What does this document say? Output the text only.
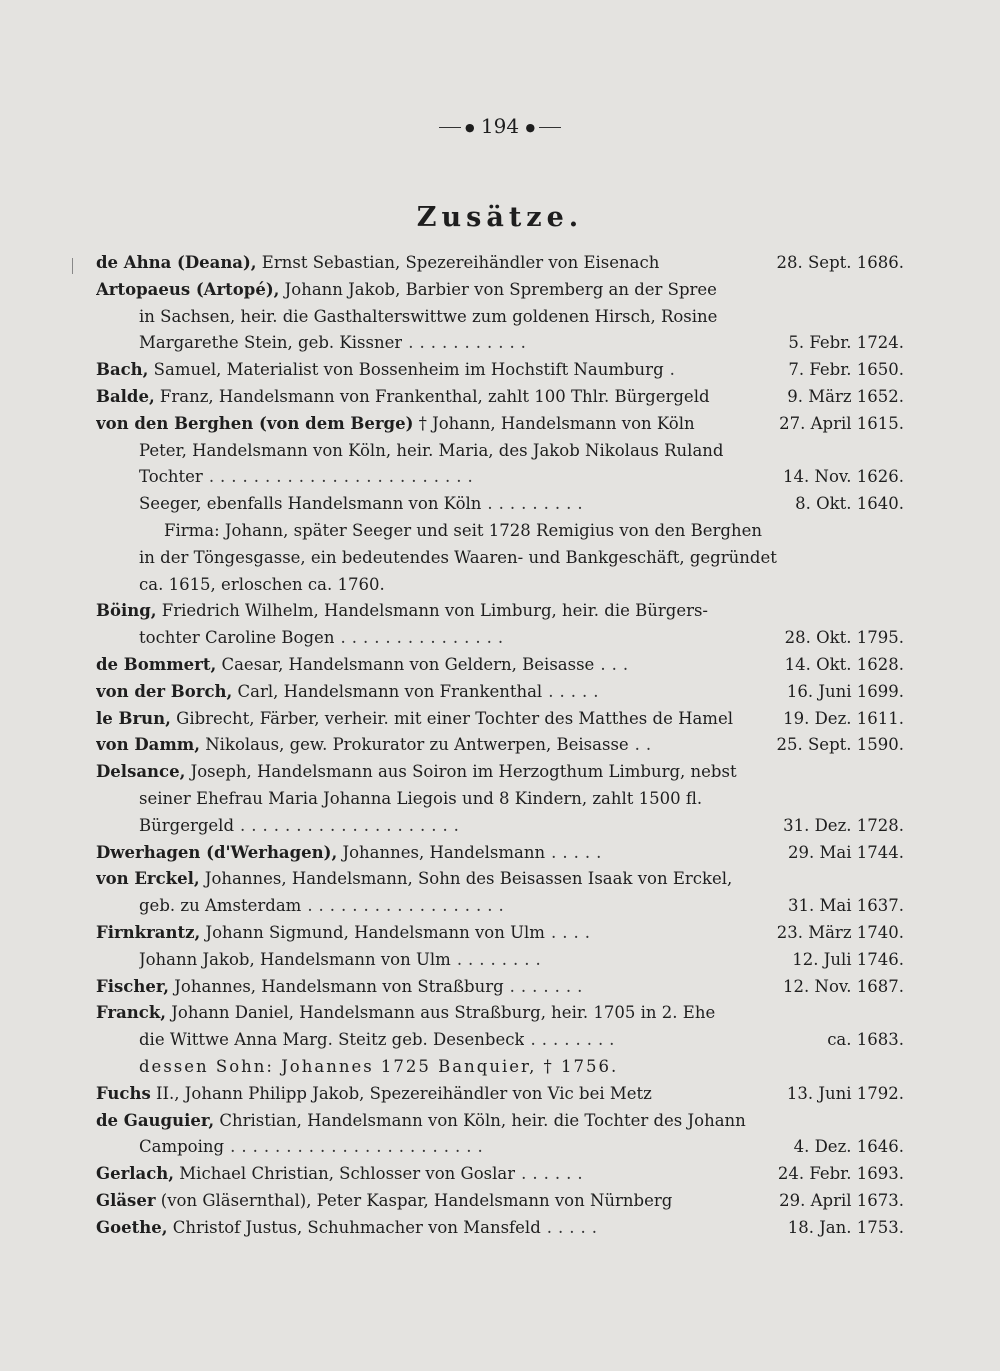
● 194 ●
Zusätze.
de Ahna (Deana), Ernst Sebastian, Spezereihändler von Eisenach	28. Sept. 1686.
Artopaeus (Artopé), Johann Jakob, Barbier von Spremberg an der Spree
in Sachsen, heir. die Gasthalterswittwe zum goldenen Hirsch, Rosine
Margarethe Stein, geb. Kissner ...........	5. Febr. 1724.
Bach, Samuel, Materialist von Bossenheim im Hochstift Naumburg .	7. Febr. 1650.
Balde, Franz, Handelsmann von Frankenthal, zahlt 100 Thlr. Bürgergeld	9. März 1652.
von den Berghen (von dem Berge) † Johann, Handelsmann von Köln	27. April 1615.
Peter, Handelsmann von Köln, heir. Maria, des Jakob Nikolaus Ruland
Tochter ........................	14. Nov. 1626.
Seeger, ebenfalls Handelsmann von Köln .........	8. Okt. 1640.
Firma: Johann, später Seeger und seit 1728 Remigius von den Berghen
in der Töngesgasse, ein bedeutendes Waaren- und Bankgeschäft, gegründet
ca. 1615, erloschen ca. 1760.
Böing, Friedrich Wilhelm, Handelsmann von Limburg, heir. die Bürgers-
tochter Caroline Bogen ...............	28. Okt. 1795.
de Bommert, Caesar, Handelsmann von Geldern, Beisasse ...	14. Okt. 1628.
von der Borch, Carl, Handelsmann von Frankenthal .....	16. Juni 1699.
le Brun, Gibrecht, Färber, verheir. mit einer Tochter des Matthes de Hamel	19. Dez. 1611.
von Damm, Nikolaus, gew. Prokurator zu Antwerpen, Beisasse ..	25. Sept. 1590.
Delsance, Joseph, Handelsmann aus Soiron im Herzogthum Limburg, nebst
seiner Ehefrau Maria Johanna Liegois und 8 Kindern, zahlt 1500 fl.
Bürgergeld ....................	31. Dez. 1728.
Dwerhagen (d'Werhagen), Johannes, Handelsmann .....	29. Mai 1744.
von Erckel, Johannes, Handelsmann, Sohn des Beisassen Isaak von Erckel,
geb. zu Amsterdam ..................	31. Mai 1637.
Firnkrantz, Johann Sigmund, Handelsmann von Ulm ....	23. März 1740.
Johann Jakob, Handelsmann von Ulm ........	12. Juli 1746.
Fischer, Johannes, Handelsmann von Straßburg .......	12. Nov. 1687.
Franck, Johann Daniel, Handelsmann aus Straßburg, heir. 1705 in 2. Ehe
die Wittwe Anna Marg. Steitz geb. Desenbeck ........	ca. 1683.
dessen Sohn: Johannes 1725 Banquier, † 1756.
Fuchs II., Johann Philipp Jakob, Spezereihändler von Vic bei Metz	13. Juni 1792.
de Gauguier, Christian, Handelsmann von Köln, heir. die Tochter des Johann
Campoing .......................	4. Dez. 1646.
Gerlach, Michael Christian, Schlosser von Goslar ......	24. Febr. 1693.
Gläser (von Gläsernthal), Peter Kaspar, Handelsmann von Nürnberg	29. April 1673.
Goethe, Christof Justus, Schuhmacher von Mansfeld .....	18. Jan. 1753.
